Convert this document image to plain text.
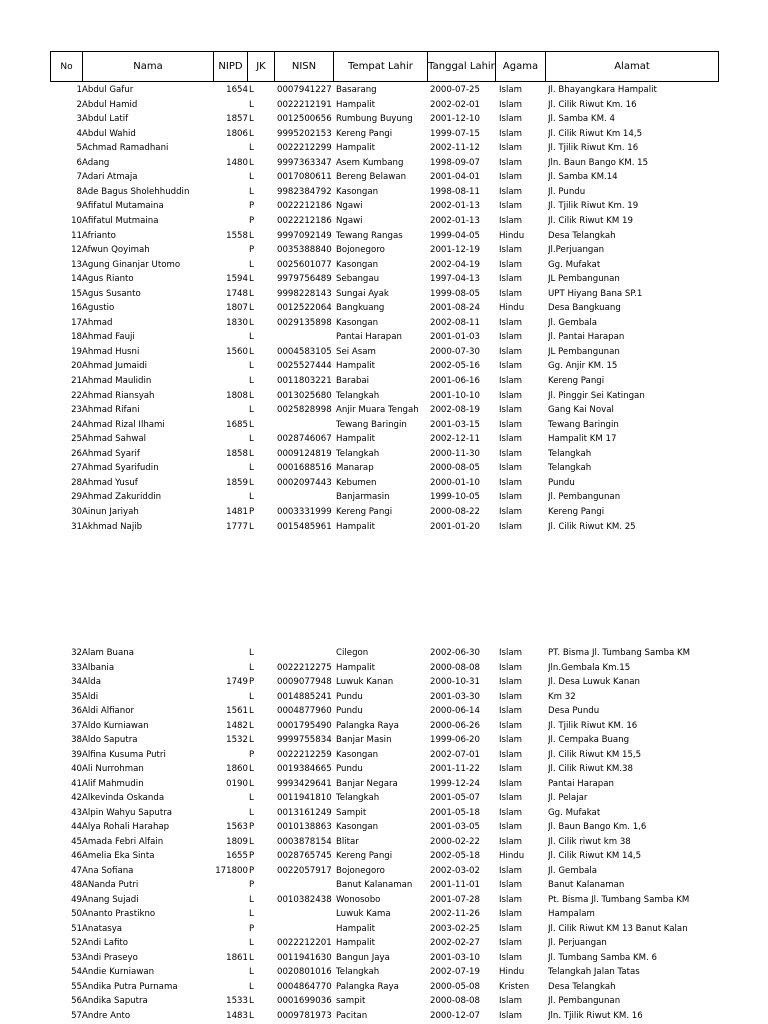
No	Nama	NIPD	JK	NISN	Tempat Lahir	Tanggal Lahir Agama	Alamat
1 Abdul Gafur	1654 L	0007941227 Basarang	2000-07-25	Islam	Jl. Bhayangkara Hampalit
2 Abdul Hamid	L	0022212191 Hampalit	2002-02-01	Islam	Jl. Cilik Riwut Km. 16
3 Abdul Latif	1857 L	0012500656 Rumbung Buyung	2001-12-10	Islam	Jl. Samba KM. 4
4 Abdul Wahid	1806 L	9995202153 Kereng Pangi	1999-07-15	Islam	Jl. Cilik Riwut Km 14,5
5 Achmad Ramadhani	L	0022212299 Hampalit	2002-11-12	Islam	Jl. Tjilik Riwut Km. 16
6 Adang	1480 L	9997363347 Asem Kumbang	1998-09-07	Islam	Jln. Baun Bango KM. 15
7 Adari Atmaja	L	0017080611 Bereng Belawan	2001-04-01	Islam	Jl. Samba KM.14
8 Ade Bagus Sholehhuddin	L	9982384792 Kasongan	1998-08-11	Islam	Jl. Pundu
9 Afifatul Mutamaina	P	0022212186 Ngawi	2002-01-13	Islam	Jl. Tjilik Riwut Km. 19
10 Afifatul Mutmaina	P	0022212186 Ngawi	2002-01-13	Islam	Jl. Cilik Riwut KM 19
11 Afrianto	1558 L	9997092149 Tewang Rangas	1999-04-05	Hindu	Desa Telangkah
12 Afwun Qoyimah	P	0035388840 Bojonegoro	2001-12-19	Islam	Jl.Perjuangan
13 Agung Ginanjar Utomo	L	0025601077 Kasongan	2002-04-19	Islam	Gg. Mufakat
14 Agus Rianto	1594 L	9979756489 Sebangau	1997-04-13	Islam	JL Pembangunan
15 Agus Susanto	1748 L	9998228143 Sungai Ayak	1999-08-05	Islam	UPT Hiyang Bana SP.1
16 Agustio	1807 L	0012522064 Bangkuang	2001-08-24	Hindu	Desa Bangkuang
17 Ahmad	1830 L	0029135898 Kasongan	2002-08-11	Islam	Jl. Gembala
18 Ahmad Fauji	L	Pantai Harapan	2001-01-03	Islam	Jl. Pantai Harapan
19 Ahmad Husni	1560 L	0004583105 Sei Asam	2000-07-30	Islam	JL Pembangunan
20 Ahmad Jumaidi	L	0025527444 Hampalit	2002-05-16	Islam	Gg. Anjir KM. 15
21 Ahmad Maulidin	L	0011803221 Barabai	2001-06-16	Islam	Kereng Pangi
22 Ahmad Riansyah	1808 L	0013025680 Telangkah	2001-10-10	Islam	Jl. Pinggir Sei Katingan
23 Ahmad Rifani	L	0025828998 Anjir Muara Tengah	2002-08-19	Islam	Gang Kai Noval
24 Ahmad Rizal Ilhami	1685 L	Tewang Baringin	2001-03-15	Islam	Tewang Baringin
25 Ahmad Sahwal	L	0028746067 Hampalit	2002-12-11	Islam	Hampalit KM 17
26 Ahmad Syarif	1858 L	0009124819 Telangkah	2000-11-30	Islam	Telangkah
27 Ahmad Syarifudin	L	0001688516 Manarap	2000-08-05	Islam	Telangkah
28 Ahmad Yusuf	1859 L	0002097443 Kebumen	2000-01-10	Islam	Pundu
29 Ahmad Zakuriddin	L	Banjarmasin	1999-10-05	Islam	Jl. Pembangunan
30 Ainun Jariyah	1481 P	0003331999 Kereng Pangi	2000-08-22	Islam	Kereng Pangi
31 Akhmad Najib	1777 L	0015485961 Hampalit	2001-01-20	Islam	Jl. Cilik Riwut KM. 25
32 Alam Buana	L	Cilegon	2002-06-30	Islam	PT. Bisma Jl. Tumbang Samba KM
33 Albania	L	0022212275 Hampalit	2000-08-08	Islam	Jln.Gembala Km.15
34 Alda	1749 P	0009077948 Luwuk Kanan	2000-10-31	Islam	Jl. Desa Luwuk Kanan
35 Aldi	L	0014885241 Pundu	2001-03-30	Islam	Km 32
36 Aldi Alfianor	1561 L	0004877960 Pundu	2000-06-14	Islam	Desa Pundu
37 Aldo Kurniawan	1482 L	0001795490 Palangka Raya	2000-06-26	Islam	Jl. Tjilik Riwut KM. 16
38 Aldo Saputra	1532 L	9999755834 Banjar Masin	1999-06-20	Islam	Jl. Cempaka Buang
39 Alfina Kusuma Putri	P	0022212259 Kasongan	2002-07-01	Islam	Jl. Cilik Riwut KM 15,5
40 Ali Nurrohman	1860 L	0019384665 Pundu	2001-11-22	Islam	Jl. Cilik Riwut KM.38
41 Alif Mahmudin	0190 L	9993429641 Banjar Negara	1999-12-24	Islam	Pantai Harapan
42 Alkevinda Oskanda	L	0011941810 Telangkah	2001-05-07	Islam	Jl. Pelajar
43 Alpin Wahyu Saputra	L	0013161249 Sampit	2001-05-18	Islam	Gg. Mufakat
44 Alya Rohali Harahap	1563 P	0010138863 Kasongan	2001-03-05	Islam	Jl. Baun Bango Km. 1,6
45 Amada Febri Alfain	1809 L	0003878154 Blitar	2000-02-22	Islam	Jl. Cilik riwut km 38
46 Amelia Eka Sinta	1655 P	0028765745 Kereng Pangi	2002-05-18	Hindu	Jl. Cilik Riwut KM 14,5
47 Ana Sofiana	171800 P	0022057917 Bojonegoro	2002-03-02	Islam	Jl. Gembala
48 ANanda Putri	P	Banut Kalanaman	2001-11-01	Islam	Banut Kalanaman
49 Anang Sujadi	L	0010382438 Wonosobo	2001-07-28	Islam	Pt. Bisma Jl. Tumbang Samba KM
50 Ananto Prastikno	L	Luwuk Kama	2002-11-26	Islam	Hampalam
51 Anatasya	P	Hampalit	2003-02-25	Islam	Jl. Cilik Riwut KM 13 Banut Kalan
52 Andi Lafito	L	0022212201 Hampalit	2002-02-27	Islam	Jl. Perjuangan
53 Andi Praseyo	1861 L	0011941630 Bangun Jaya	2001-03-10	Islam	Jl. Tumbang Samba KM. 6
54 Andie Kurniawan	L	0020801016 Telangkah	2002-07-19	Hindu	Telangkah Jalan Tatas
55 Andika Putra Purnama	L	0004864770 Palangka Raya	2000-05-08	Kristen	Desa Telangkah
56 Andika Saputra	1533 L	0001699036 sampit	2000-08-08	Islam	Jl. Pembangunan
57 Andre Anto	1483 L	0009781973 Pacitan	2000-12-07	Islam	Jln. Tjilik Riwut KM. 16
